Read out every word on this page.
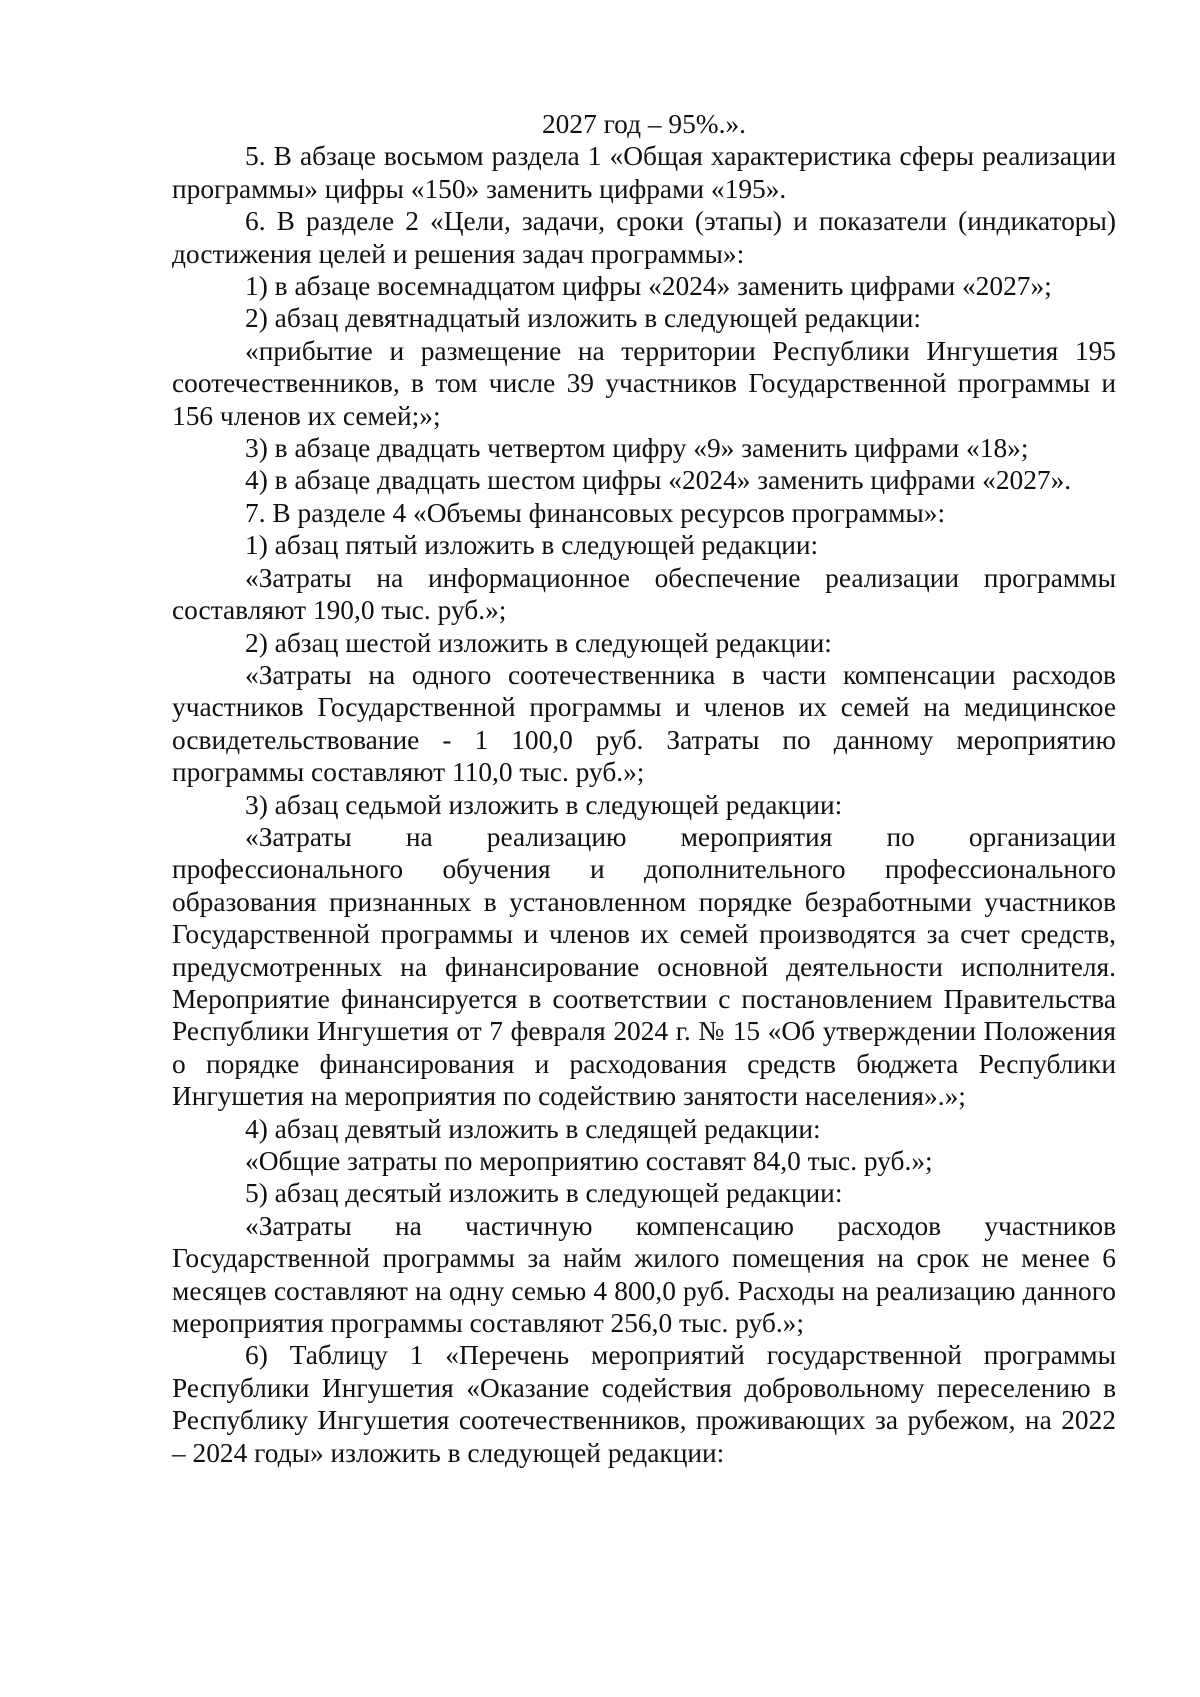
2027 год – 95%.».

5. В абзаце восьмом раздела 1 «Общая характеристика сферы реализации программы» цифры «150» заменить цифрами «195».

6. В разделе 2 «Цели, задачи, сроки (этапы) и показатели (индикаторы) достижения целей и решения задач программы»:

1) в абзаце восемнадцатом цифры «2024» заменить цифрами «2027»;

2) абзац девятнадцатый изложить в следующей редакции:

«прибытие и размещение на территории Республики Ингушетия 195 соотечественников, в том числе 39 участников Государственной программы и 156 членов их семей;»;

3) в абзаце двадцать четвертом цифру «9» заменить цифрами «18»;

4) в абзаце двадцать шестом цифры «2024» заменить цифрами «2027».

7. В разделе 4 «Объемы финансовых ресурсов программы»:

1) абзац пятый изложить в следующей редакции:

«Затраты на информационное обеспечение реализации программы составляют 190,0 тыс. руб.»;

2) абзац шестой изложить в следующей редакции:

«Затраты на одного соотечественника в части компенсации расходов участников Государственной программы и членов их семей на медицинское освидетельствование - 1 100,0 руб. Затраты по данному мероприятию программы составляют 110,0 тыс. руб.»;

3) абзац седьмой изложить в следующей редакции:

«Затраты на реализацию мероприятия по организации профессионального обучения и дополнительного профессионального образования признанных в установленном порядке безработными участников Государственной программы и членов их семей производятся за счет средств, предусмотренных на финансирование основной деятельности исполнителя. Мероприятие финансируется в соответствии с постановлением Правительства Республики Ингушетия от 7 февраля 2024 г. № 15 «Об утверждении Положения о порядке финансирования и расходования средств бюджета Республики Ингушетия на мероприятия по содействию занятости населения».»;

4) абзац девятый изложить в следящей редакции:

«Общие затраты по мероприятию составят 84,0 тыс. руб.»;

5) абзац десятый изложить в следующей редакции:

«Затраты на частичную компенсацию расходов участников Государственной программы за найм жилого помещения на срок не менее 6 месяцев составляют на одну семью 4 800,0 руб. Расходы на реализацию данного мероприятия программы составляют 256,0 тыс. руб.»;

6) Таблицу 1 «Перечень мероприятий государственной программы Республики Ингушетия «Оказание содействия добровольному переселению в Республику Ингушетия соотечественников, проживающих за рубежом, на 2022 – 2024 годы» изложить в следующей редакции:
